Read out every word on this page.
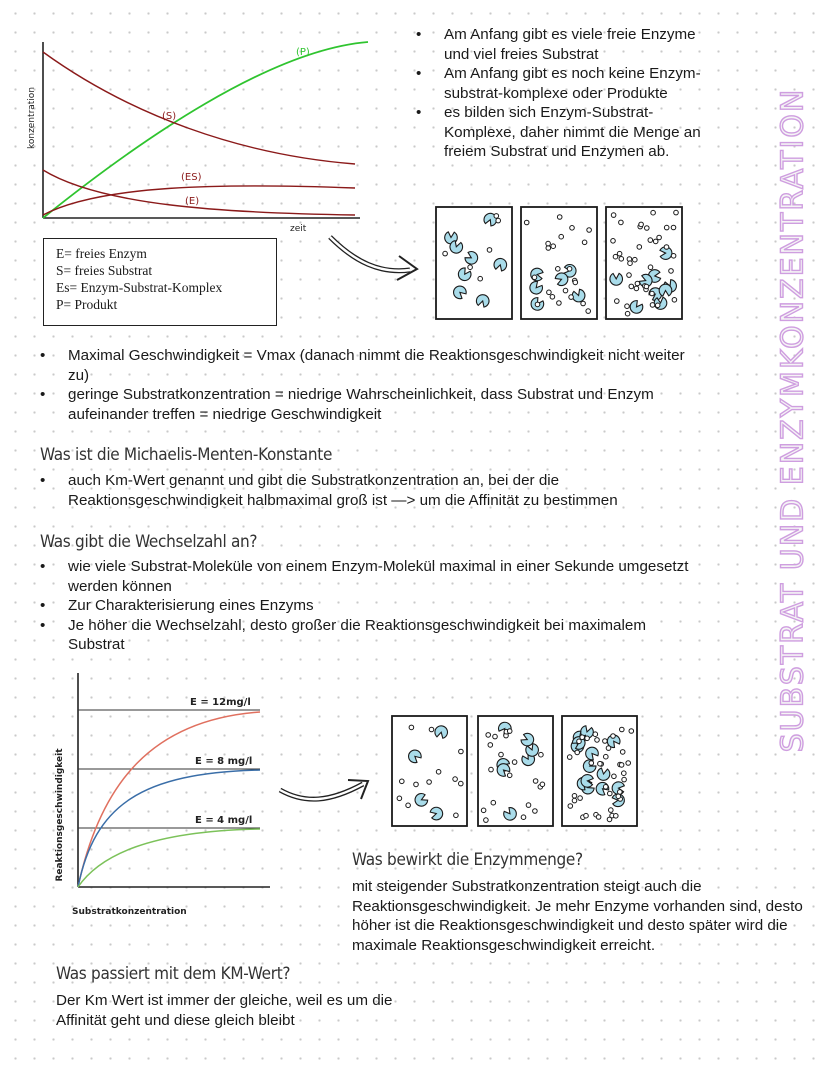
SUBSTRAT UND ENZYMKONZENTRATION
konzentration
zeit
(P)
(S)
(ES)
(E)
E= freies Enzym
S= freies Substrat
Es= Enzym-Substrat-Komplex
P= Produkt
• Am Anfang gibt es viele freie Enzyme und viel freies Substrat
• Am Anfang gibt es noch keine Enzym-substrat-komplexe oder Produkte
• es bilden sich Enzym-Substrat-Komplexe, daher nimmt die Menge an freiem Substrat und Enzymen ab.
• Maximal Geschwindigkeit = Vmax (danach nimmt die Reaktionsgeschwindigkeit nicht weiter zu)
• geringe Substratkonzentration = niedrige Wahrscheinlichkeit, dass Substrat und Enzym aufeinander treffen = niedrige Geschwindigkeit
Was ist die Michaelis-Menten-Konstante
• auch Km-Wert genannt und gibt die Substratkonzentration an, bei der die Reaktionsgeschwindigkeit halbmaximal groß ist —> um die Affinität zu bestimmen
Was gibt die Wechselzahl an?
• wie viele Substrat-Moleküle von einem Enzym-Molekül maximal in einer Sekunde umgesetzt werden können
• Zur Charakterisierung eines Enzyms
• Je höher die Wechselzahl, desto großer die Reaktionsgeschwindigkeit bei maximalem Substrat
E = 12mg/l
E = 8 mg/l
E = 4 mg/l
Reaktionsgeschwindigkeit
Substratkonzentration
Was bewirkt die Enzymmenge?
mit steigender Substratkonzentration steigt auch die Reaktionsgeschwindigkeit. Je mehr Enzyme vorhanden sind, desto höher ist die Reaktionsgeschwindigkeit und desto später wird die maximale Reaktionsgeschwindigkeit erreicht.
Was passiert mit dem KM-Wert?
Der Km Wert ist immer der gleiche, weil es um die Affinität geht und diese gleich bleibt
